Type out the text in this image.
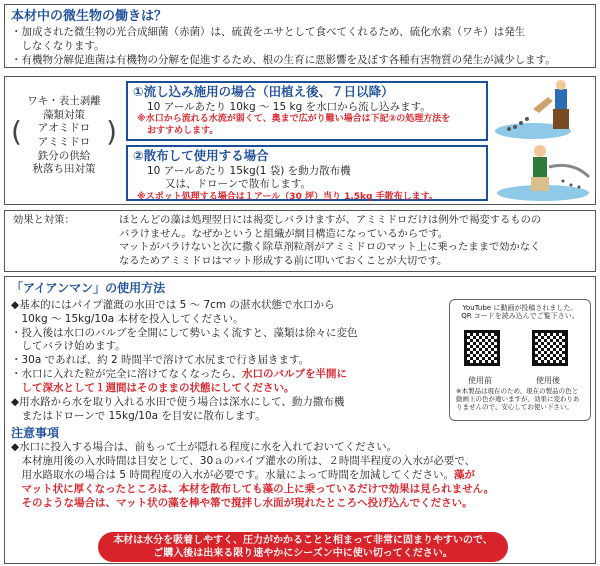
本材中の微生物の働きは？
・加成された微生物の光合成細菌（赤菌）は、硫黄をエサとして食べてくれるため、硫化水素（ワキ）は発生
　しなくなります。
・有機物分解促進菌は有機物の分解を促進するため、根の生育に悪影響を及ぼす各種有害物質の発生が減少します。
ワキ・表土剥離
藻類対策
アオミドロ
アミミドロ
鉄分の供給
秋落ち田対策
(	)
①流し込み施用の場合（田植え後、７日以降）
10 アールあたり 10kg ～ 15 kg を水口から流し込みます。
※水口から流れる水流が弱くて、奥まで広がり難い場合は下記②の処理方法を
おすすめします。
②散布して使用する場合
10 アールあたり 15kg(1 袋) を動力散布機
又は、ドローンで散布します。
※スポット処理する場合は１アール（30 坪）当り 1.5kg 手散布します。
効果と対策：	ほとんどの藻は処理翌日には褐変しバラけますが、アミミドロだけは例外で褐変するものの
バラけません。なぜかというと組織が網目構造になっているからです。
マットがバラけないと次に撒く除草剤粒剤がアミミドロのマット上に乗ったままで効かなく
なるためアミミドロはマット形成する前に叩いておくことが大切です。
「アイアンマン」の使用方法
◆基本的にはパイプ灌漑の水田では 5 ～ 7cm の湛水状態で水口から
　10kg ～ 15kg/10a 本材を投入してください。
・投入後は水口のバルブを全開にして勢いよく流すと、藻類は徐々に変色
　してバラけ始めます。
・30a であれば、約 2 時間半で溶けて水尻まで行き届きます。
・水口に入れた粒が完全に溶けてなくなったら、水口のバルブを半開に
　して深水として１週間はそのままの状態にしてください。
◆用水路から水を取り入れる水田で使う場合は深水にして、動力撒布機
　またはドローンで 15kg/10a を目安に散布します。
注意事項
◆水口に投入する場合は、前もって土が隠れる程度に水を入れておいてください。
　本材施用後の入水時間は目安として、30ａのパイプ灌水の所は、２時間半程度の入水が必要で、
　用水路取水の場合は 5 時間程度の入水が必要です。水量によって時間を加減してください。藻が
　マット状に厚くなったところは、本材を散布しても藻の上に乗っているだけで効果は見られません。
　そのような場合は、マット状の藻を棒や箒で撹拌し水面が現れたところへ投げ込んでください。
YouTube に動画が投稿されました。
QR コードを読み込んでご覧下さい。
使用前	使用後
※本製品は現在のため、現在の製品の色と動画上の色が違いますが、効果に変わりありませんので、安心してお使い下さい。
本材は水分を吸着しやすく、圧力がかかることと相まって非常に固まりやすいので、
ご購入後は出来る限り速やかにシーズン中に使い切ってください。
